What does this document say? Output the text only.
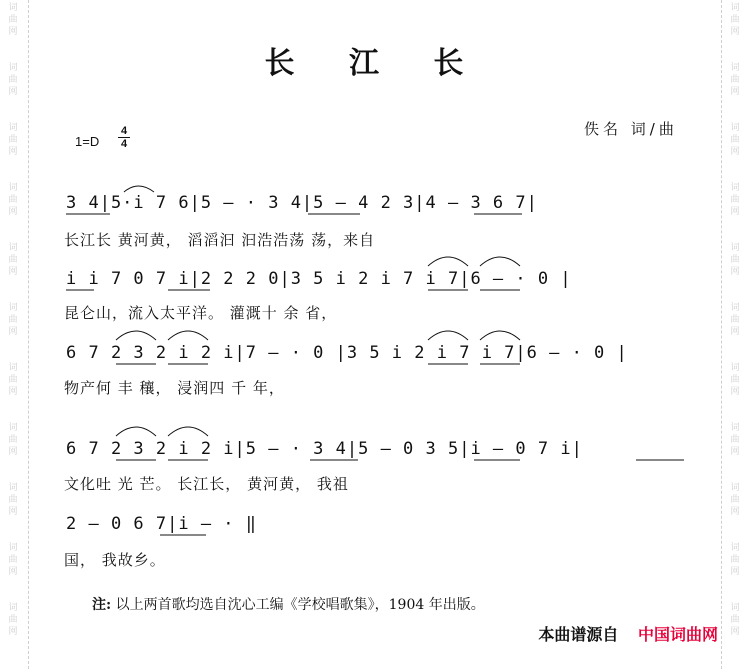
词
曲
网
词
曲
网
词
曲
网
词
曲
网
词
曲
网
词
曲
网
词
曲
网
词
曲
网
词
曲
网
词
曲
网
词
曲
网
词
曲
网
词
曲
网
词
曲
网
词
曲
网
词
曲
网
词
曲
网
词
曲
网
词
曲
网
词
曲
网
词
曲
网
词
曲
网
长 江 长
$1=D \frac{4}{4}$	佚名 词/曲
3 4|5·i 7 6|5 — · 3 4|5 — 4 2 3|4 — 3 6 7|
长江长 黄河黄， 滔滔汩 汩浩浩荡 荡，来自
i i 7 0 7 i|2 2 2 0|3 5 i 2 i 7 i 7|6 — · 0 |
昆仑山，流入太平洋。 灌溉十 余 省，
6 7 2 3 2 i 2 i|7 — · 0 |3 5 i 2 i 7 i 7|6 — · 0 |
物产何 丰 穰， 浸润四 千 年，
6 7 2 3 2 i 2 i|5 — · 3 4|5 — 0 3 5|i — 0 7 i|
文化吐 光 芒。 长江长， 黄河黄， 我祖
2 — 0 6 7|i — · ‖
国， 我故乡。
注: 以上两首歌均选自沈心工编《学校唱歌集》，1904 年出版。
本曲谱源自 中国词曲网
